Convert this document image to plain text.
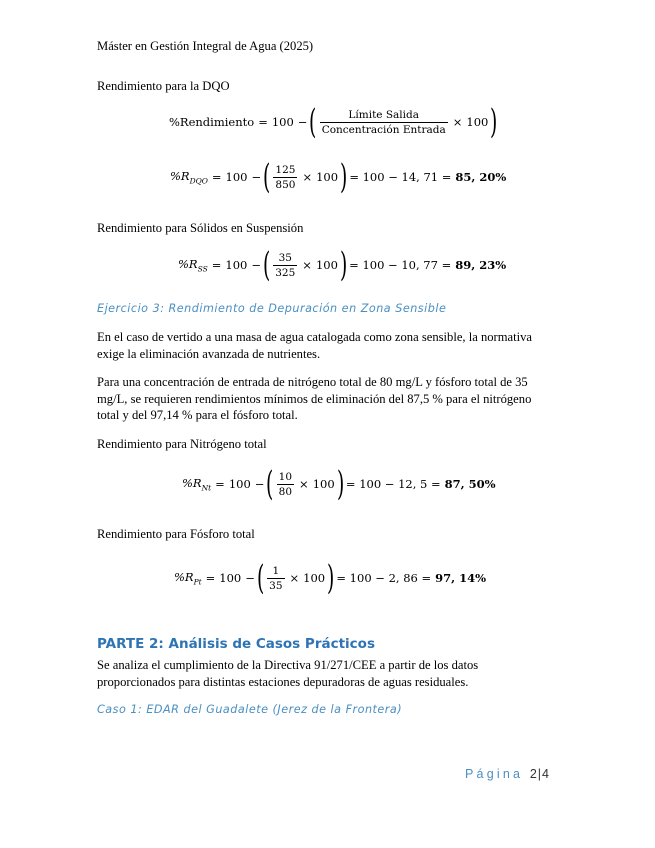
Máster en Gestión Integral de Agua (2025)
Rendimiento para la DQO
%Rendimiento = 100 − ( $\frac{\text{Límite Salida}}{\text{Concentración Entrada}} \times 100$ )
$\%R_{DQO} = 100$ − ( $\frac{125}{850} \times 100$ ) = 100 − 14, 71 = 85, 20%
Rendimiento para Sólidos en Suspensión
$\%R_{SS} = 100$ − ( $\frac{35}{325} \times 100$ ) = 100 − 10, 77 = 89, 23%
Ejercicio 3: Rendimiento de Depuración en Zona Sensible
En el caso de vertido a una masa de agua catalogada como zona sensible, la normativa exige la eliminación avanzada de nutrientes.
Para una concentración de entrada de nitrógeno total de 80 mg/L y fósforo total de 35 mg/L, se requieren rendimientos mínimos de eliminación del 87,5 % para el nitrógeno total y del 97,14 % para el fósforo total.
Rendimiento para Nitrógeno total
$\%R_{Nt} = 100$ − ( $\frac{10}{80} \times 100$ ) = 100 − 12, 5 = 87, 50%
Rendimiento para Fósforo total
$\%R_{Pt} = 100$ − ( $\frac{1}{35} \times 100$ ) = 100 − 2, 86 = 97, 14%
PARTE 2: Análisis de Casos Prácticos
Se analiza el cumplimiento de la Directiva 91/271/CEE a partir de los datos proporcionados para distintas estaciones depuradoras de aguas residuales.
Caso 1: EDAR del Guadalete (Jerez de la Frontera)
Página 2|4
